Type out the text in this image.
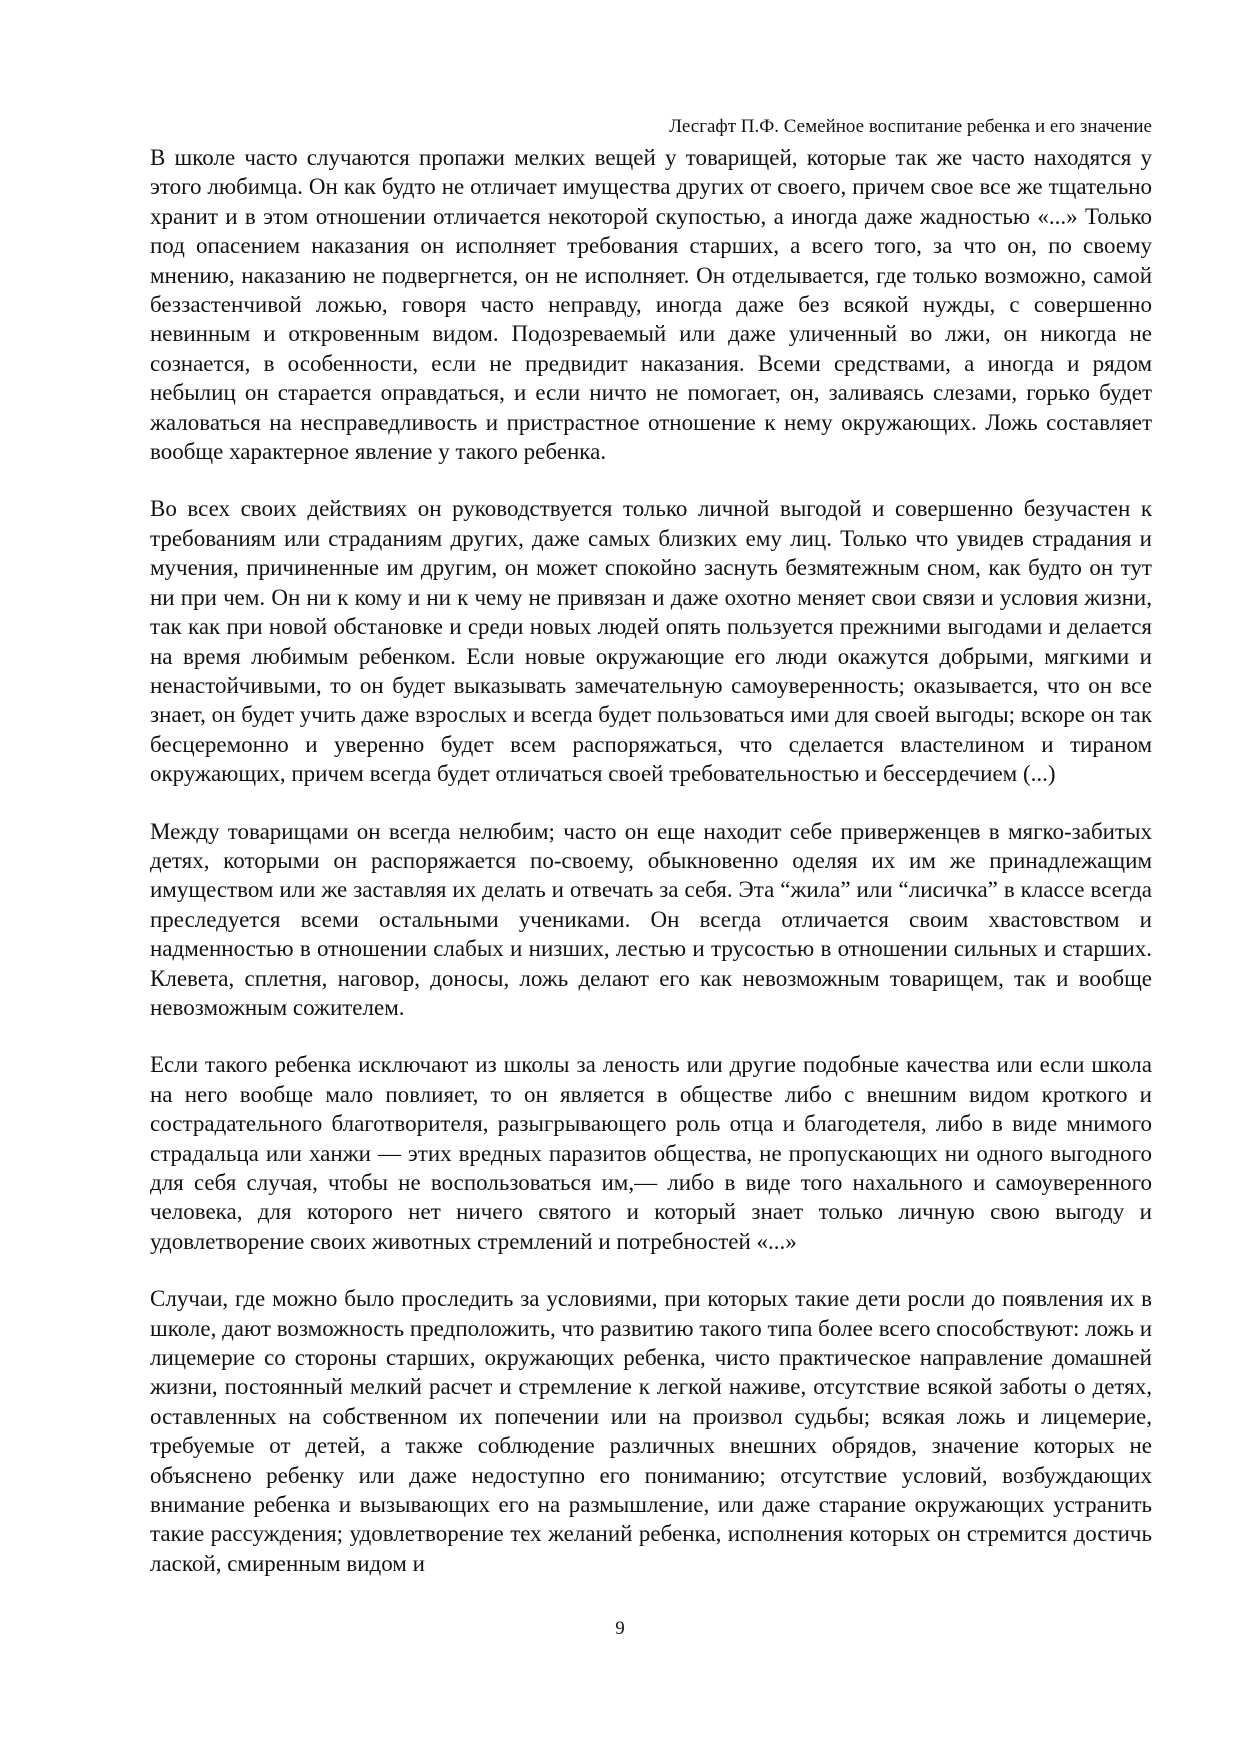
Лесгафт П.Ф. Семейное воспитание ребенка и его значение

В школе часто случаются пропажи мелких вещей у товарищей, которые так же часто находятся у этого любимца. Он как будто не отличает имущества других от своего, причем свое все же тщательно хранит и в этом отношении отличается некоторой скупостью, а иногда даже жадностью «...» Только под опасением наказания он исполняет требования старших, а всего того, за что он, по своему мнению, наказанию не подвергнется, он не исполняет. Он отделывается, где только возможно, самой беззастенчивой ложью, говоря часто неправду, иногда даже без всякой нужды, с совершенно невинным и откровенным видом. Подозреваемый или даже уличенный во лжи, он никогда не сознается, в особенности, если не предвидит наказания. Всеми средствами, а иногда и рядом небылиц он старается оправдаться, и если ничто не помогает, он, заливаясь слезами, горько будет жаловаться на несправедливость и пристрастное отношение к нему окружающих. Ложь составляет вообще характерное явление у такого ребенка.

Во всех своих действиях он руководствуется только личной выгодой и совершенно безучастен к требованиям или страданиям других, даже самых близких ему лиц. Только что увидев страдания и мучения, причиненные им другим, он может спокойно заснуть безмятежным сном, как будто он тут ни при чем. Он ни к кому и ни к чему не привязан и даже охотно меняет свои связи и условия жизни, так как при новой обстановке и среди новых людей опять пользуется прежними выгодами и делается на время любимым ребенком. Если новые окружающие его люди окажутся добрыми, мягкими и ненастойчивыми, то он будет выказывать замечательную самоуверенность; оказывается, что он все знает, он будет учить даже взрослых и всегда будет пользоваться ими для своей выгоды; вскоре он так бесцеремонно и уверенно будет всем распоряжаться, что сделается властелином и тираном окружающих, причем всегда будет отличаться своей требовательностью и бессердечием (...)

Между товарищами он всегда нелюбим; часто он еще находит себе приверженцев в мягко-забитых детях, которыми он распоряжается по-своему, обыкновенно оделяя их им же принадлежащим имуществом или же заставляя их делать и отвечать за себя. Эта “жила” или “лисичка” в классе всегда преследуется всеми остальными учениками. Он всегда отличается своим хвастовством и надменностью в отношении слабых и низших, лестью и трусостью в отношении сильных и старших. Клевета, сплетня, наговор, доносы, ложь делают его как невозможным товарищем, так и вообще невозможным сожителем.

Если такого ребенка исключают из школы за леность или другие подобные качества или если школа на него вообще мало повлияет, то он является в обществе либо с внешним видом кроткого и сострадательного благотворителя, разыгрывающего роль отца и благодетеля, либо в виде мнимого страдальца или ханжи — этих вредных паразитов общества, не пропускающих ни одного выгодного для себя случая, чтобы не воспользоваться им,— либо в виде того нахального и самоуверенного человека, для которого нет ничего святого и который знает только личную свою выгоду и удовлетворение своих животных стремлений и потребностей «...»

Случаи, где можно было проследить за условиями, при которых такие дети росли до появления их в школе, дают возможность предположить, что развитию такого типа более всего способствуют: ложь и лицемерие со стороны старших, окружающих ребенка, чисто практическое направление домашней жизни, постоянный мелкий расчет и стремление к легкой наживе, отсутствие всякой заботы о детях, оставленных на собственном их попечении или на произвол судьбы; всякая ложь и лицемерие, требуемые от детей, а также соблюдение различных внешних обрядов, значение которых не объяснено ребенку или даже недоступно его пониманию; отсутствие условий, возбуждающих внимание ребенка и вызывающих его на размышление, или даже старание окружающих устранить такие рассуждения; удовлетворение тех желаний ребенка, исполнения которых он стремится достичь лаской, смиренным видом и

9
